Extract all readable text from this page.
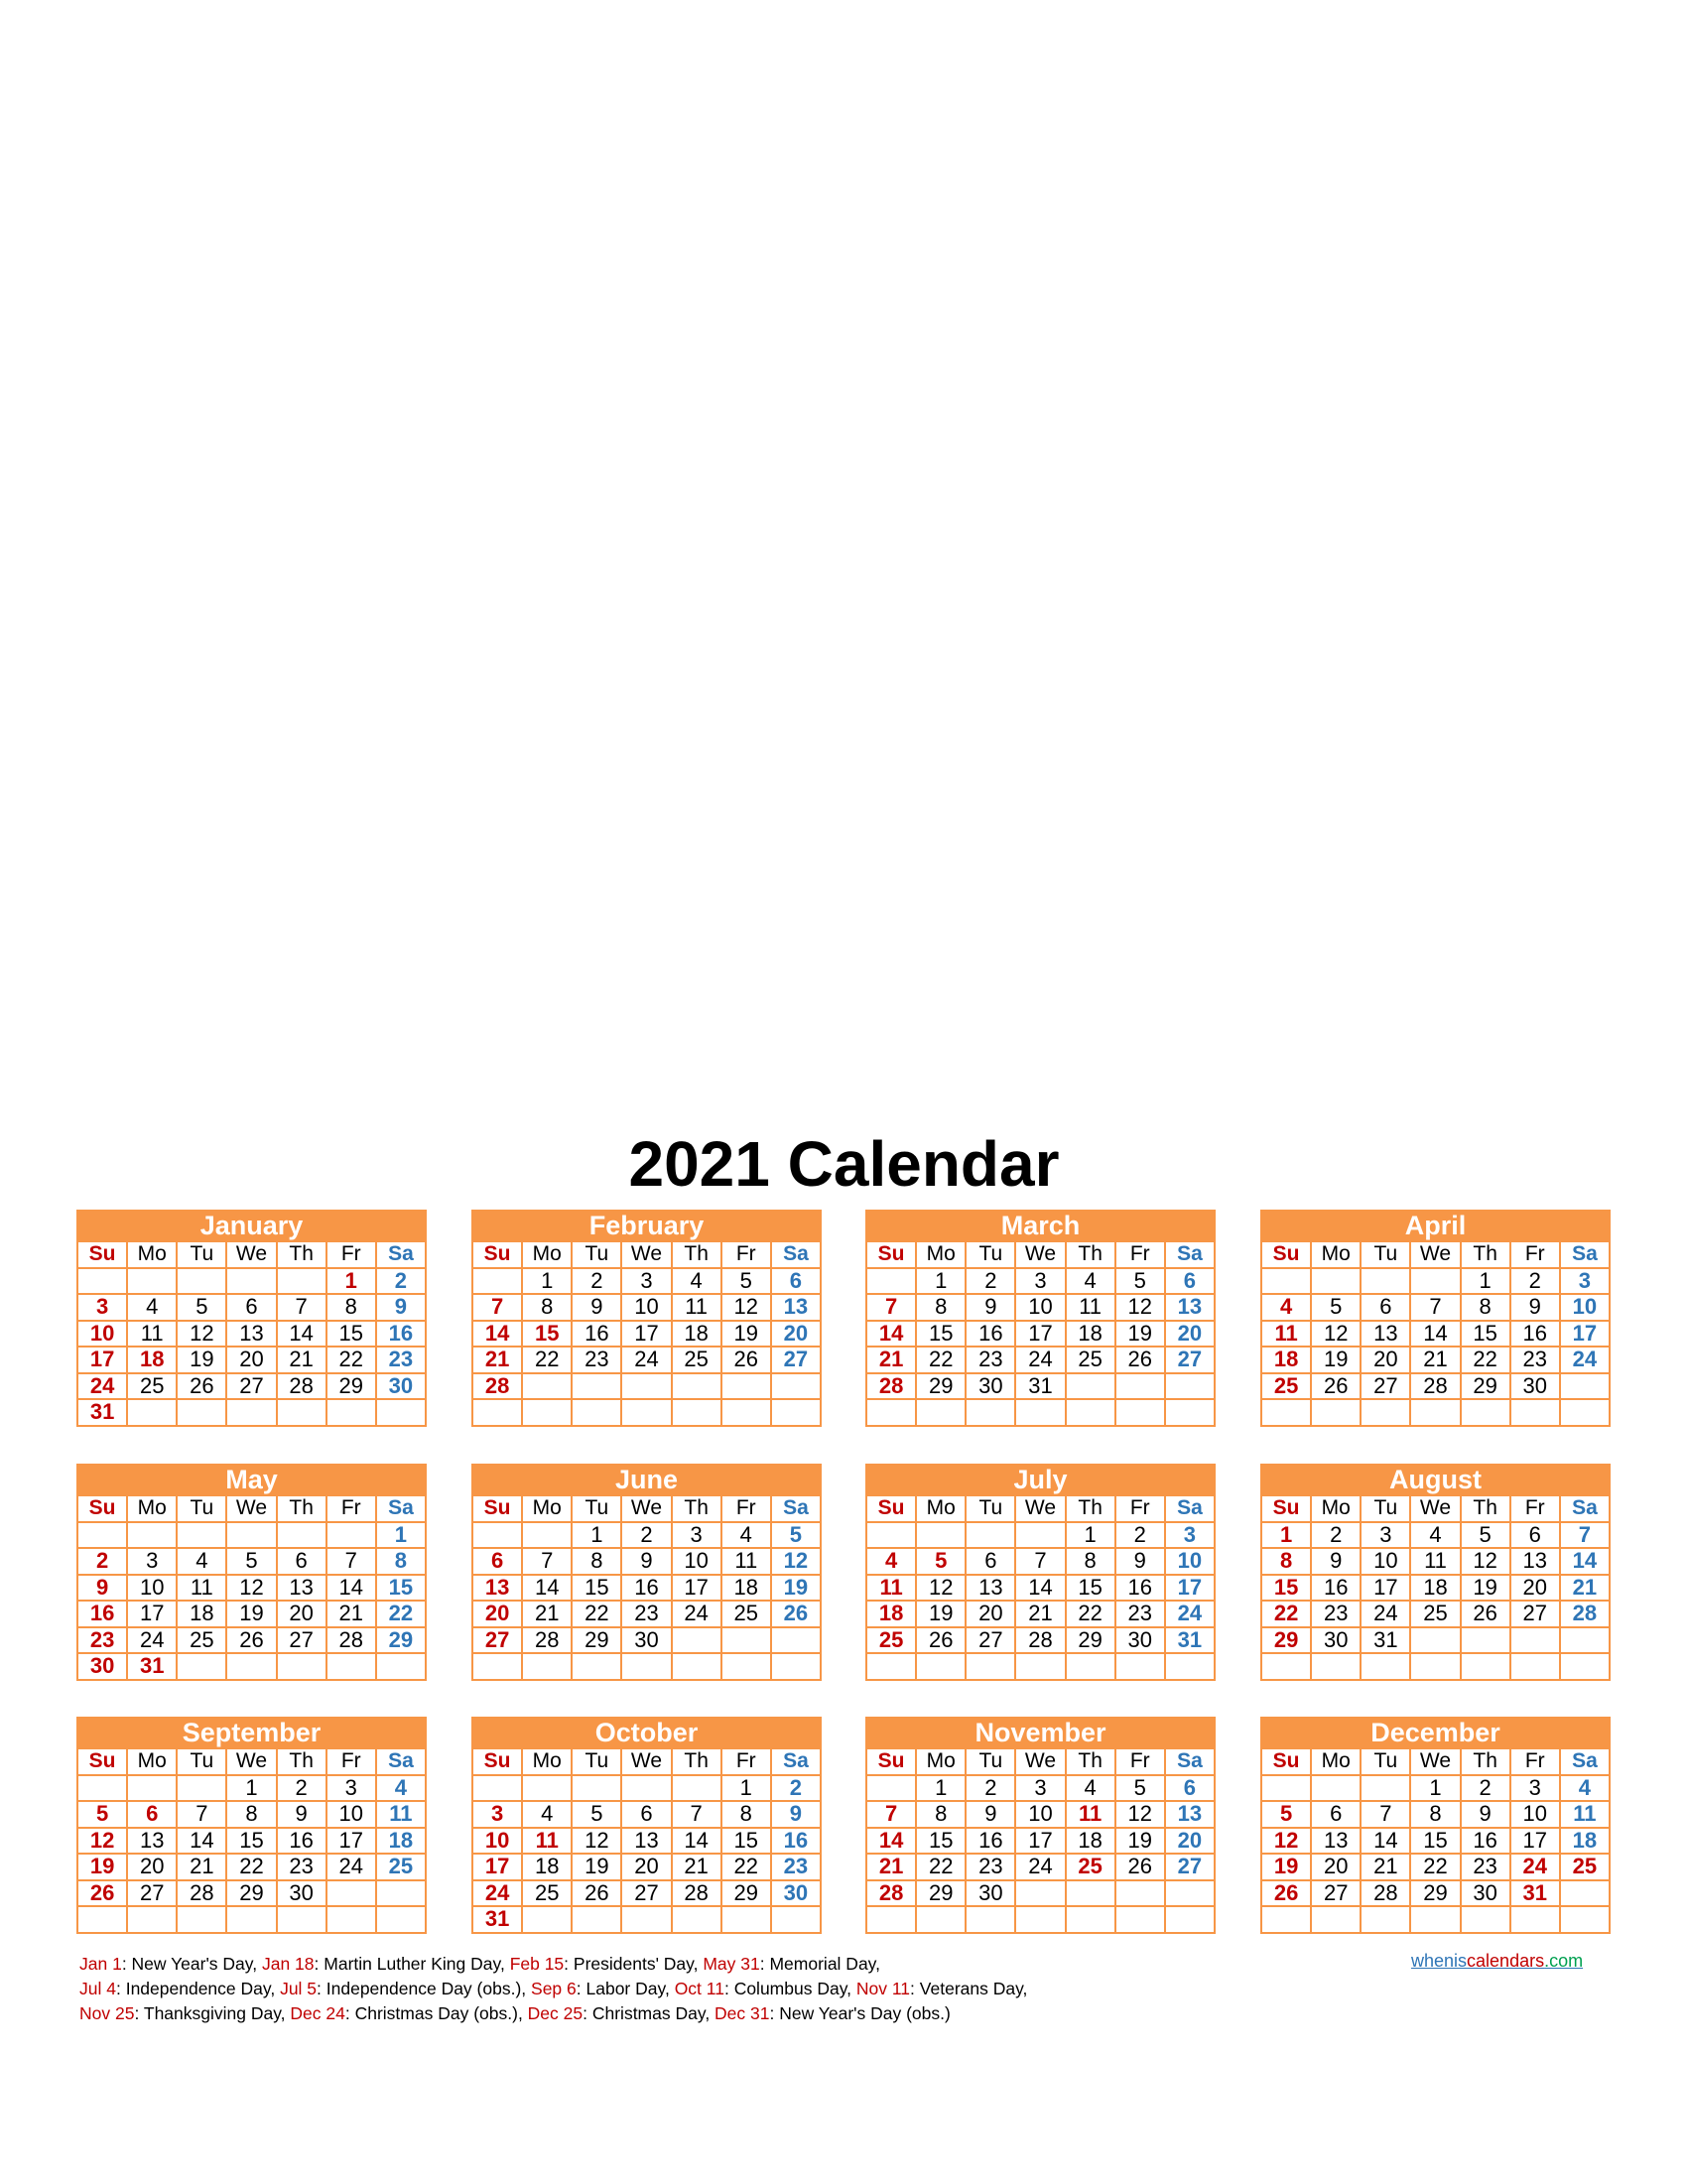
2021 Calendar
January
Su	Mo	Tu	We	Th	Fr	Sa
					1	2
3	4	5	6	7	8	9
10	11	12	13	14	15	16
17	18	19	20	21	22	23
24	25	26	27	28	29	30
31						
February
Su	Mo	Tu	We	Th	Fr	Sa
	1	2	3	4	5	6
7	8	9	10	11	12	13
14	15	16	17	18	19	20
21	22	23	24	25	26	27
28						

March
Su	Mo	Tu	We	Th	Fr	Sa
	1	2	3	4	5	6
7	8	9	10	11	12	13
14	15	16	17	18	19	20
21	22	23	24	25	26	27
28	29	30	31			

April
Su	Mo	Tu	We	Th	Fr	Sa
				1	2	3
4	5	6	7	8	9	10
11	12	13	14	15	16	17
18	19	20	21	22	23	24
25	26	27	28	29	30	

May
Su	Mo	Tu	We	Th	Fr	Sa
						1
2	3	4	5	6	7	8
9	10	11	12	13	14	15
16	17	18	19	20	21	22
23	24	25	26	27	28	29
30	31					
June
Su	Mo	Tu	We	Th	Fr	Sa
		1	2	3	4	5
6	7	8	9	10	11	12
13	14	15	16	17	18	19
20	21	22	23	24	25	26
27	28	29	30			

July
Su	Mo	Tu	We	Th	Fr	Sa
				1	2	3
4	5	6	7	8	9	10
11	12	13	14	15	16	17
18	19	20	21	22	23	24
25	26	27	28	29	30	31

August
Su	Mo	Tu	We	Th	Fr	Sa
1	2	3	4	5	6	7
8	9	10	11	12	13	14
15	16	17	18	19	20	21
22	23	24	25	26	27	28
29	30	31				

September
Su	Mo	Tu	We	Th	Fr	Sa
			1	2	3	4
5	6	7	8	9	10	11
12	13	14	15	16	17	18
19	20	21	22	23	24	25
26	27	28	29	30		

October
Su	Mo	Tu	We	Th	Fr	Sa
					1	2
3	4	5	6	7	8	9
10	11	12	13	14	15	16
17	18	19	20	21	22	23
24	25	26	27	28	29	30
31						
November
Su	Mo	Tu	We	Th	Fr	Sa
	1	2	3	4	5	6
7	8	9	10	11	12	13
14	15	16	17	18	19	20
21	22	23	24	25	26	27
28	29	30				

December
Su	Mo	Tu	We	Th	Fr	Sa
			1	2	3	4
5	6	7	8	9	10	11
12	13	14	15	16	17	18
19	20	21	22	23	24	25
26	27	28	29	30	31	

Jan 1: New Year's Day, Jan 18: Martin Luther King Day, Feb 15: Presidents' Day, May 31: Memorial Day,
Jul 4: Independence Day, Jul 5: Independence Day (obs.), Sep 6: Labor Day, Oct 11: Columbus Day, Nov 11: Veterans Day,
Nov 25: Thanksgiving Day, Dec 24: Christmas Day (obs.), Dec 25: Christmas Day, Dec 31: New Year's Day (obs.)
wheniscalendars.com
